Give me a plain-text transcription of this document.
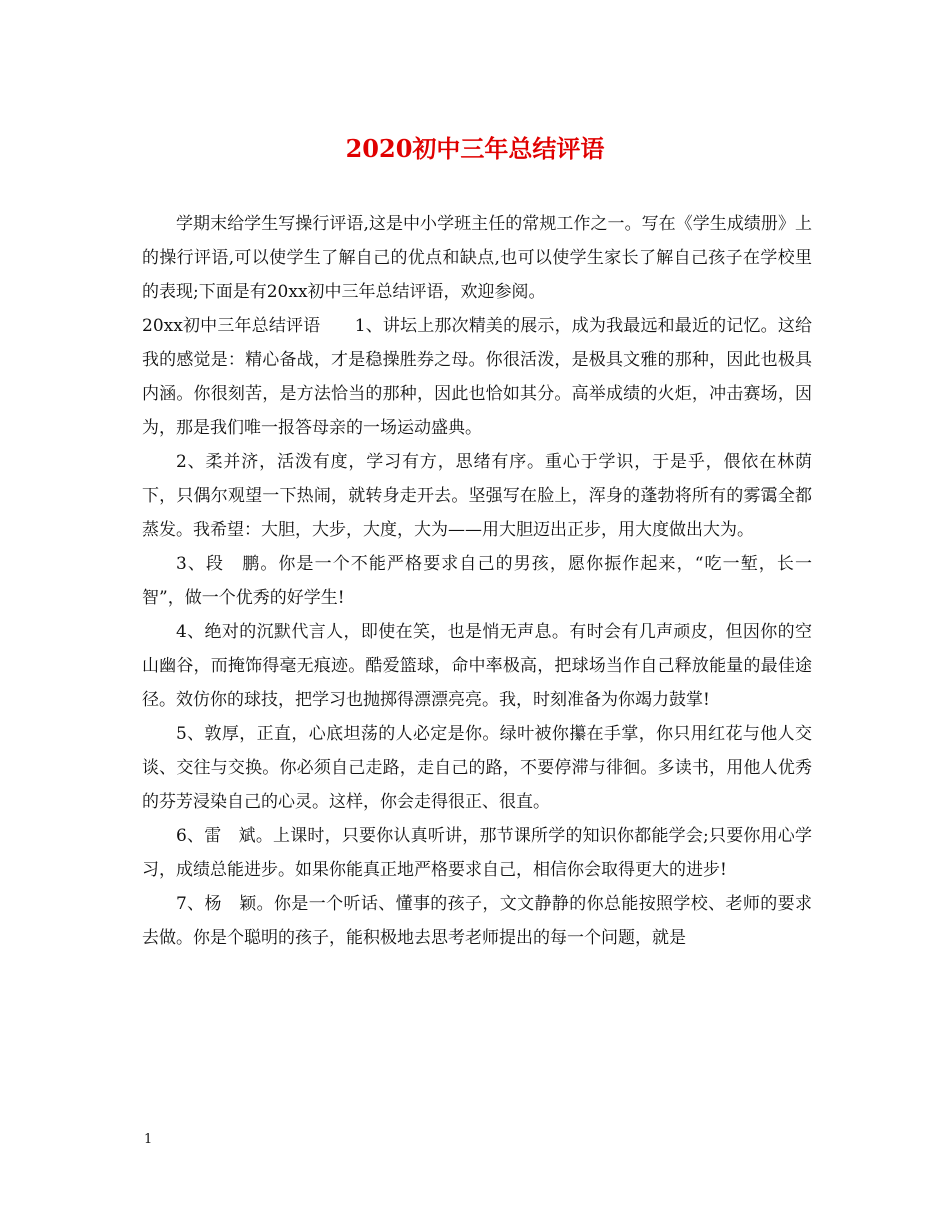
2020初中三年总结评语

学期末给学生写操行评语,这是中小学班主任的常规工作之一。写在《学生成绩册》上的操行评语,可以使学生了解自己的优点和缺点,也可以使学生家长了解自己孩子在学校里的表现;下面是有20xx初中三年总结评语，欢迎参阅。

20xx初中三年总结评语　　1、讲坛上那次精美的展示，成为我最远和最近的记忆。这给我的感觉是：精心备战，才是稳操胜券之母。你很活泼，是极具文雅的那种，因此也极具内涵。你很刻苦，是方法恰当的那种，因此也恰如其分。高举成绩的火炬，冲击赛场，因为，那是我们唯一报答母亲的一场运动盛典。

2、柔并济，活泼有度，学习有方，思绪有序。重心于学识，于是乎，偎依在林荫下，只偶尔观望一下热闹，就转身走开去。坚强写在脸上，浑身的蓬勃将所有的雾霭全都蒸发。我希望：大胆，大步，大度，大为——用大胆迈出正步，用大度做出大为。

3、段　鹏。你是一个不能严格要求自己的男孩，愿你振作起来，“吃一堑，长一智”，做一个优秀的好学生!

4、绝对的沉默代言人，即使在笑，也是悄无声息。有时会有几声顽皮，但因你的空山幽谷，而掩饰得毫无痕迹。酷爱篮球，命中率极高，把球场当作自己释放能量的最佳途径。效仿你的球技，把学习也抛掷得漂漂亮亮。我，时刻准备为你竭力鼓掌!

5、敦厚，正直，心底坦荡的人必定是你。绿叶被你攥在手掌，你只用红花与他人交谈、交往与交换。你必须自己走路，走自己的路，不要停滞与徘徊。多读书，用他人优秀的芬芳浸染自己的心灵。这样，你会走得很正、很直。

6、雷　斌。上课时，只要你认真听讲，那节课所学的知识你都能学会;只要你用心学习，成绩总能进步。如果你能真正地严格要求自己，相信你会取得更大的进步!

7、杨　颖。你是一个听话、懂事的孩子，文文静静的你总能按照学校、老师的要求去做。你是个聪明的孩子，能积极地去思考老师提出的每一个问题，就是

1
